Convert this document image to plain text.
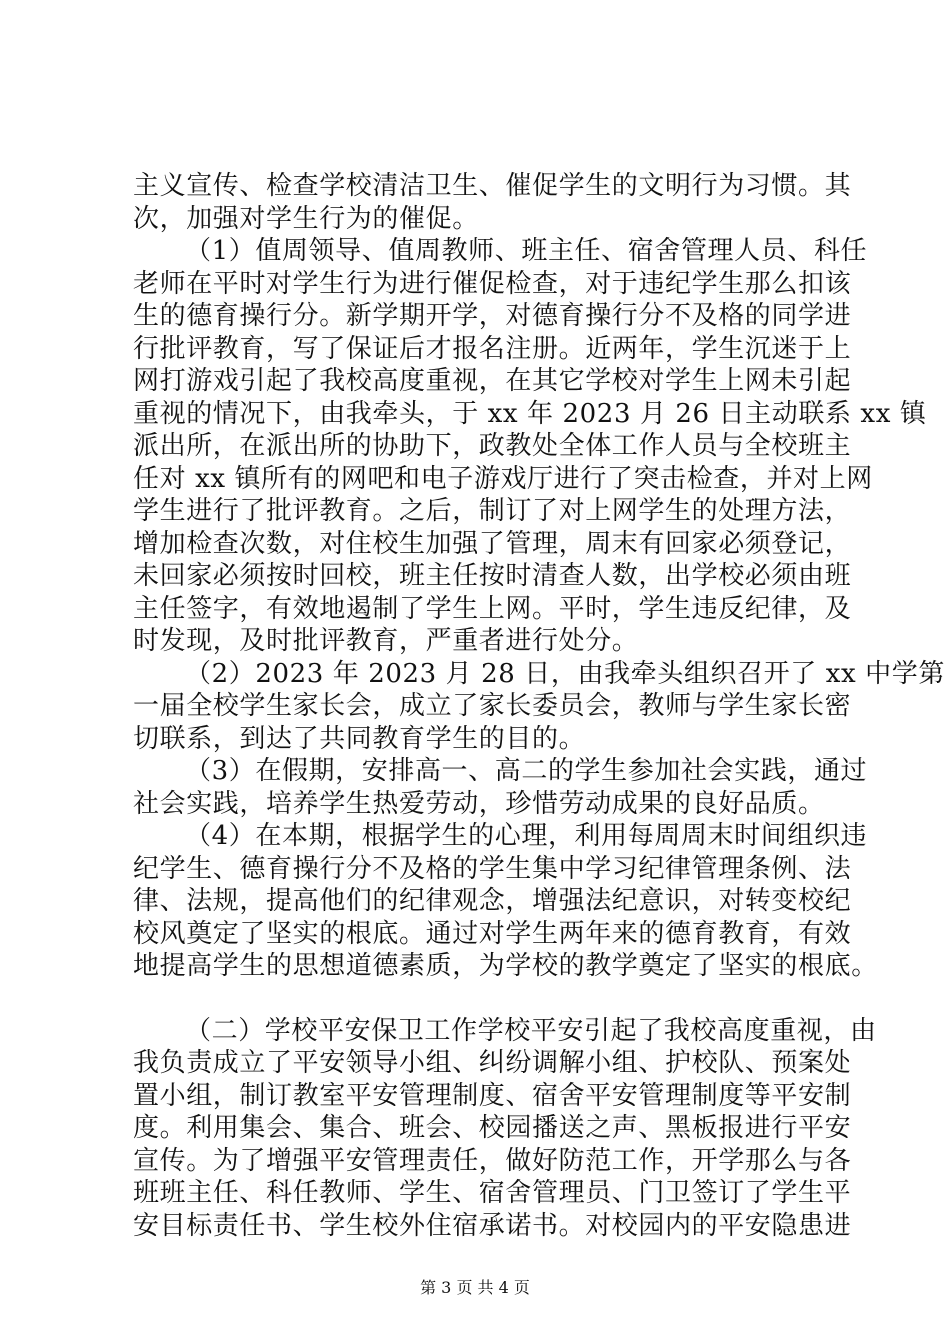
主义宣传、检查学校清洁卫生、催促学生的文明行为习惯。其
次，加强对学生行为的催促。
（1）值周领导、值周教师、班主任、宿舍管理人员、科任
老师在平时对学生行为进行催促检查，对于违纪学生那么扣该
生的德育操行分。新学期开学，对德育操行分不及格的同学进
行批评教育，写了保证后才报名注册。近两年，学生沉迷于上
网打游戏引起了我校高度重视，在其它学校对学生上网未引起
重视的情况下，由我牵头，于 xx 年 2023 月 26 日主动联系 xx 镇
派出所，在派出所的协助下，政教处全体工作人员与全校班主
任对 xx 镇所有的网吧和电子游戏厅进行了突击检查，并对上网
学生进行了批评教育。之后，制订了对上网学生的处理方法，
增加检查次数，对住校生加强了管理，周末有回家必须登记，
未回家必须按时回校，班主任按时清查人数，出学校必须由班
主任签字，有效地遏制了学生上网。平时，学生违反纪律，及
时发现，及时批评教育，严重者进行处分。
（2）2023 年 2023 月 28 日，由我牵头组织召开了 xx 中学第
一届全校学生家长会，成立了家长委员会，教师与学生家长密
切联系，到达了共同教育学生的目的。
（3）在假期，安排高一、高二的学生参加社会实践，通过
社会实践，培养学生热爱劳动，珍惜劳动成果的良好品质。
（4）在本期，根据学生的心理，利用每周周末时间组织违
纪学生、德育操行分不及格的学生集中学习纪律管理条例、法
律、法规，提高他们的纪律观念，增强法纪意识，对转变校纪
校风奠定了坚实的根底。通过对学生两年来的德育教育，有效
地提高学生的思想道德素质，为学校的教学奠定了坚实的根底。
（二）学校平安保卫工作学校平安引起了我校高度重视，由
我负责成立了平安领导小组、纠纷调解小组、护校队、预案处
置小组，制订教室平安管理制度、宿舍平安管理制度等平安制
度。利用集会、集合、班会、校园播送之声、黑板报进行平安
宣传。为了增强平安管理责任，做好防范工作，开学那么与各
班班主任、科任教师、学生、宿舍管理员、门卫签订了学生平
安目标责任书、学生校外住宿承诺书。对校园内的平安隐患进
第 3 页 共 4 页
